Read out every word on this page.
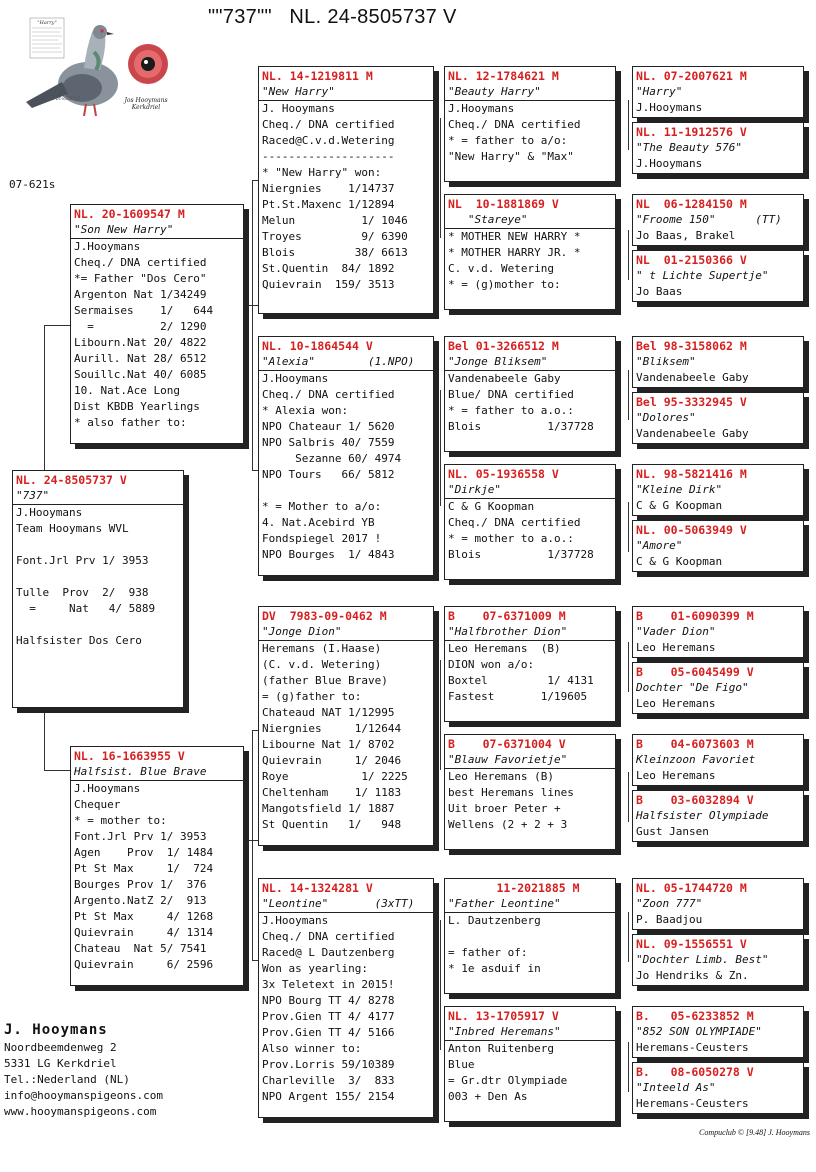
""737""   NL. 24-8505737 V
"Harry"
Jos Hooymans
Kerkdriel
NL. 24-8505737
07-621s
NL. 24-8505737 V
"737"
J.Hooymans
Team Hooymans WVL

Font.Jrl Prv 1/ 3953

Tulle  Prov  2/  938
=     Nat   4/ 5889

Halfsister Dos Cero
NL. 20-1609547 M
"Son New Harry"
J.Hooymans
Cheq./ DNA certified
*= Father "Dos Cero"
Argenton Nat 1/34249
Sermaises    1/   644
=          2/ 1290
Libourn.Nat 20/ 4822
Aurill. Nat 28/ 6512
Souillc.Nat 40/ 6085
10. Nat.Ace Long
Dist KBDB Yearlings
* also father to:
NL. 16-1663955 V
Halfsist. Blue Brave
J.Hooymans
Chequer
* = mother to:
Font.Jrl Prv 1/ 3953
Agen    Prov  1/ 1484
Pt St Max     1/  724
Bourges Prov 1/  376
Argento.NatZ 2/  913
Pt St Max     4/ 1268
Quievrain     4/ 1314
Chateau  Nat 5/ 7541
Quievrain     6/ 2596
NL. 14-1219811 M
"New Harry"
J. Hooymans
Cheq./ DNA certified
Raced@C.v.d.Wetering
--------------------
* "New Harry" won:
Niergnies    1/14737
Pt.St.Maxenc 1/12894
Melun          1/ 1046
Troyes         9/ 6390
Blois         38/ 6613
St.Quentin  84/ 1892
Quievrain  159/ 3513
NL. 10-1864544 V
"Alexia"        (1.NPO)
J.Hooymans
Cheq./ DNA certified
* Alexia won:
NPO Chateaur 1/ 5620
NPO Salbris 40/ 7559
Sezanne 60/ 4974
NPO Tours   66/ 5812

* = Mother to a/o:
4. Nat.Acebird YB
Fondspiegel 2017 !
NPO Bourges  1/ 4843
DV  7983-09-0462 M
"Jonge Dion"
Heremans (I.Haase)
(C. v.d. Wetering)
(father Blue Brave)
= (g)father to:
Chateaud NAT 1/12995
Niergnies     1/12644
Libourne Nat 1/ 8702
Quievrain     1/ 2046
Roye           1/ 2225
Cheltenham    1/ 1183
Mangotsfield 1/ 1887
St Quentin   1/   948
NL. 14-1324281 V
"Leontine"       (3xTT)
J.Hooymans
Cheq./ DNA certified
Raced@ L Dautzenberg
Won as yearling:
3x Teletext in 2015!
NPO Bourg TT 4/ 8278
Prov.Gien TT 4/ 4177
Prov.Gien TT 4/ 5166
Also winner to:
Prov.Lorris 59/10389
Charleville  3/  833
NPO Argent 155/ 2154
NL. 12-1784621 M
"Beauty Harry"
J.Hooymans
Cheq./ DNA certified
* = father to a/o:
"New Harry" & "Max"
NL  10-1881869 V
"Stareye"
* MOTHER NEW HARRY *
* MOTHER HARRY JR. *
C. v.d. Wetering
* = (g)mother to:
Bel 01-3266512 M
"Jonge Bliksem"
Vandenabeele Gaby
Blue/ DNA certified
* = father to a.o.:
Blois          1/37728
NL. 05-1936558 V
"Dirkje"
C & G Koopman
Cheq./ DNA certified
* = mother to a.o.:
Blois          1/37728
B    07-6371009 M
"Halfbrother Dion"
Leo Heremans  (B)
DION won a/o:
Boxtel         1/ 4131
Fastest       1/19605
B    07-6371004 V
"Blauw Favorietje"
Leo Heremans (B)
best Heremans lines
Uit broer Peter +
Wellens (2 + 2 + 3
11-2021885 M
"Father Leontine"
L. Dautzenberg

= father of:
* 1e asduif in
NL. 13-1705917 V
"Inbred Heremans"
Anton Ruitenberg
Blue
= Gr.dtr Olympiade
003 + Den As
NL. 07-2007621 M
"Harry"
J.Hooymans
NL. 11-1912576 V
"The Beauty 576"
J.Hooymans
NL  06-1284150 M
"Froome 150"      (TT)
Jo Baas, Brakel
NL  01-2150366 V
" t Lichte Supertje"
Jo Baas
Bel 98-3158062 M
"Bliksem"
Vandenabeele Gaby
Bel 95-3332945 V
"Dolores"
Vandenabeele Gaby
NL. 98-5821416 M
"Kleine Dirk"
C & G Koopman
NL. 00-5063949 V
"Amore"
C & G Koopman
B    01-6090399 M
"Vader Dion"
Leo Heremans
B    05-6045499 V
Dochter "De Figo"
Leo Heremans
B    04-6073603 M
Kleinzoon Favoriet
Leo Heremans
B    03-6032894 V
Halfsister Olympiade
Gust Jansen
NL. 05-1744720 M
"Zoon 777"
P. Baadjou
NL. 09-1556551 V
"Dochter Limb. Best"
Jo Hendriks & Zn.
B.   05-6233852 M
"852 SON OLYMPIADE"
Heremans-Ceusters
B.   08-6050278 V
"Inteeld As"
Heremans-Ceusters
J. Hooymans
Noordbeemdenweg 2
5331 LG Kerkdriel
Tel.:Nederland (NL)
info@hooymanspigeons.com
www.hooymanspigeons.com
Compuclub © [9.48] J. Hooymans
